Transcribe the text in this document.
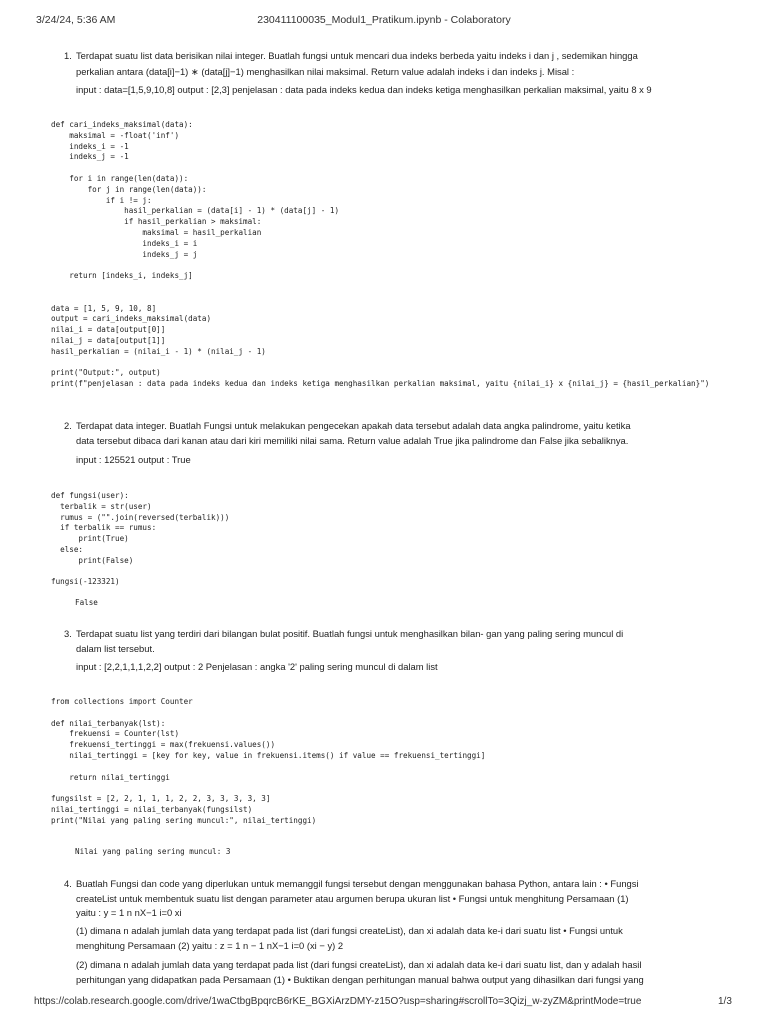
3/24/24, 5:36 AM	230411100035_Modul1_Pratikum.ipynb - Colaboratory
1. Terdapat suatu list data berisikan nilai integer. Buatlah fungsi untuk mencari dua indeks berbeda yaitu indeks i dan j , sedemikan hingga
perkalian antara (data[i]−1) ∗ (data[j]−1) menghasilkan nilai maksimal. Return value adalah indeks i dan indeks j. Misal :
input : data=[1,5,9,10,8] output : [2,3] penjelasan : data pada indeks kedua dan indeks ketiga menghasilkan perkalian maksimal, yaitu 8 x 9
def cari_indeks_maksimal(data):
maksimal = -float('inf')
indeks_i = -1
indeks_j = -1

for i in range(len(data)):
for j in range(len(data)):
if i != j:
hasil_perkalian = (data[i] - 1) * (data[j] - 1)
if hasil_perkalian > maksimal:
maksimal = hasil_perkalian
indeks_i = i
indeks_j = j

return [indeks_i, indeks_j]

data = [1, 5, 9, 10, 8]
output = cari_indeks_maksimal(data)
nilai_i = data[output[0]]
nilai_j = data[output[1]]
hasil_perkalian = (nilai_i - 1) * (nilai_j - 1)

print("Output:", output)
print(f"penjelasan : data pada indeks kedua dan indeks ketiga menghasilkan perkalian maksimal, yaitu {nilai_i} x {nilai_j} = {hasil_perkalian}")
2. Terdapat data integer. Buatlah Fungsi untuk melakukan pengecekan apakah data tersebut adalah data angka palindrome, yaitu ketika
data tersebut dibaca dari kanan atau dari kiri memiliki nilai sama. Return value adalah True jika palindrome dan False jika sebaliknya.
input : 125521 output : True
def fungsi(user):
terbalik = str(user)
rumus = ("".join(reversed(terbalik)))
if terbalik == rumus:
print(True)
else:
print(False)

fungsi(-123321)
False
3. Terdapat suatu list yang terdiri dari bilangan bulat positif. Buatlah fungsi untuk menghasilkan bilan- gan yang paling sering muncul di
dalam list tersebut.
input : [2,2,1,1,1,2,2] output : 2 Penjelasan : angka '2' paling sering muncul di dalam list
from collections import Counter

def nilai_terbanyak(lst):
frekuensi = Counter(lst)
frekuensi_tertinggi = max(frekuensi.values())
nilai_tertinggi = [key for key, value in frekuensi.items() if value == frekuensi_tertinggi]

return nilai_tertinggi

fungsilst = [2, 2, 1, 1, 1, 2, 2, 3, 3, 3, 3, 3]
nilai_tertinggi = nilai_terbanyak(fungsilst)
print("Nilai yang paling sering muncul:", nilai_tertinggi)
Nilai yang paling sering muncul: 3
4. Buatlah Fungsi dan code yang diperlukan untuk memanggil fungsi tersebut dengan menggunakan bahasa Python, antara lain : • Fungsi
createList untuk membentuk suatu list dengan parameter atau argumen berupa ukuran list • Fungsi untuk menghitung Persamaan (1)
yaitu : y = 1 n nX−1 i=0 xi
(1) dimana n adalah jumlah data yang terdapat pada list (dari fungsi createList), dan xi adalah data ke-i dari suatu list • Fungsi untuk
menghitung Persamaan (2) yaitu : z = 1 n − 1 nX−1 i=0 (xi − y) 2
(2) dimana n adalah jumlah data yang terdapat pada list (dari fungsi createList), dan xi adalah data ke-i dari suatu list, dan y adalah hasil
perhitungan yang didapatkan pada Persamaan (1) • Buktikan dengan perhitungan manual bahwa output yang dihasilkan dari fungsi yang
https://colab.research.google.com/drive/1waCtbgBpqrcB6rKE_BGXiArzDMY-z15O?usp=sharing#scrollTo=3Qizj_w-zyZM&printMode=true	1/3
